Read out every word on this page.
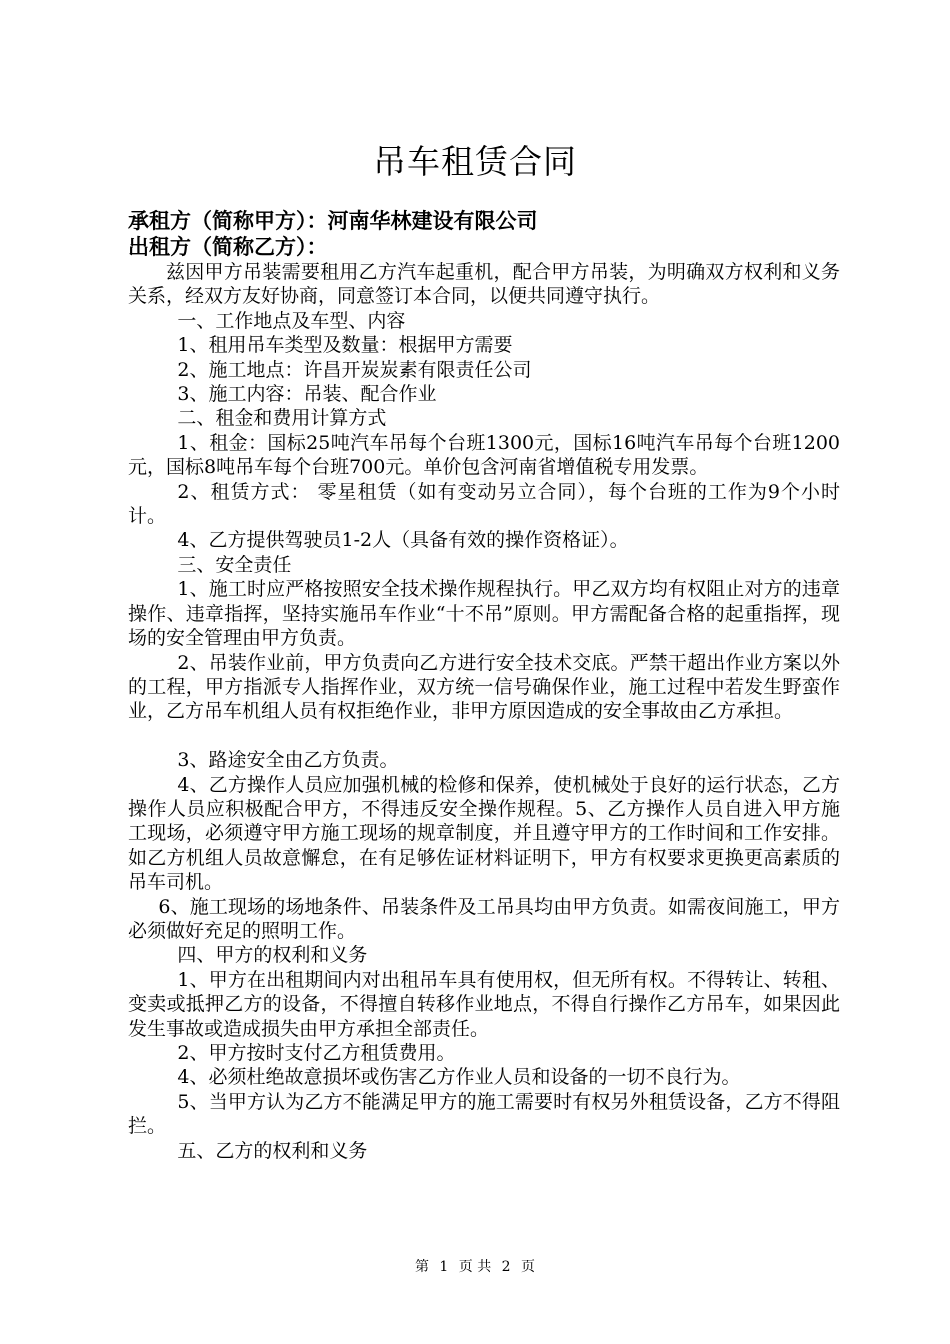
吊车租赁合同
承租方（简称甲方）：河南华林建设有限公司
出租方（简称乙方）：

兹因甲方吊装需要租用乙方汽车起重机，配合甲方吊装，为明确双方权利和义务关系，经双方友好协商，同意签订本合同，以便共同遵守执行。

一、工作地点及车型、内容

1、租用吊车类型及数量：根据甲方需要

2、施工地点：许昌开炭炭素有限责任公司

3、施工内容：吊装、配合作业

二、租金和费用计算方式

1、租金：国标25吨汽车吊每个台班1300元，国标16吨汽车吊每个台班1200元，国标8吨吊车每个台班700元。单价包含河南省增值税专用发票。

2、租赁方式： 零星租赁（如有变动另立合同），每个台班的工作为9个小时计。

4、乙方提供驾驶员1-2人（具备有效的操作资格证）。

三、安全责任

1、施工时应严格按照安全技术操作规程执行。甲乙双方均有权阻止对方的违章操作、违章指挥，坚持实施吊车作业“十不吊”原则。甲方需配备合格的起重指挥，现场的安全管理由甲方负责。

2、吊装作业前，甲方负责向乙方进行安全技术交底。严禁干超出作业方案以外的工程，甲方指派专人指挥作业，双方统一信号确保作业，施工过程中若发生野蛮作业，乙方吊车机组人员有权拒绝作业，非甲方原因造成的安全事故由乙方承担。

3、路途安全由乙方负责。

4、乙方操作人员应加强机械的检修和保养，使机械处于良好的运行状态，乙方操作人员应积极配合甲方，不得违反安全操作规程。5、乙方操作人员自进入甲方施工现场，必须遵守甲方施工现场的规章制度，并且遵守甲方的工作时间和工作安排。如乙方机组人员故意懈怠，在有足够佐证材料证明下，甲方有权要求更换更高素质的吊车司机。

6、施工现场的场地条件、吊装条件及工吊具均由甲方负责。如需夜间施工，甲方必须做好充足的照明工作。

四、甲方的权利和义务

1、甲方在出租期间内对出租吊车具有使用权，但无所有权。不得转让、转租、变卖或抵押乙方的设备，不得擅自转移作业地点，不得自行操作乙方吊车，如果因此发生事故或造成损失由甲方承担全部责任。

2、甲方按时支付乙方租赁费用。

4、必须杜绝故意损坏或伤害乙方作业人员和设备的一切不良行为。

5、当甲方认为乙方不能满足甲方的施工需要时有权另外租赁设备，乙方不得阻拦。

五、乙方的权利和义务

第 1 页 共 2 页
